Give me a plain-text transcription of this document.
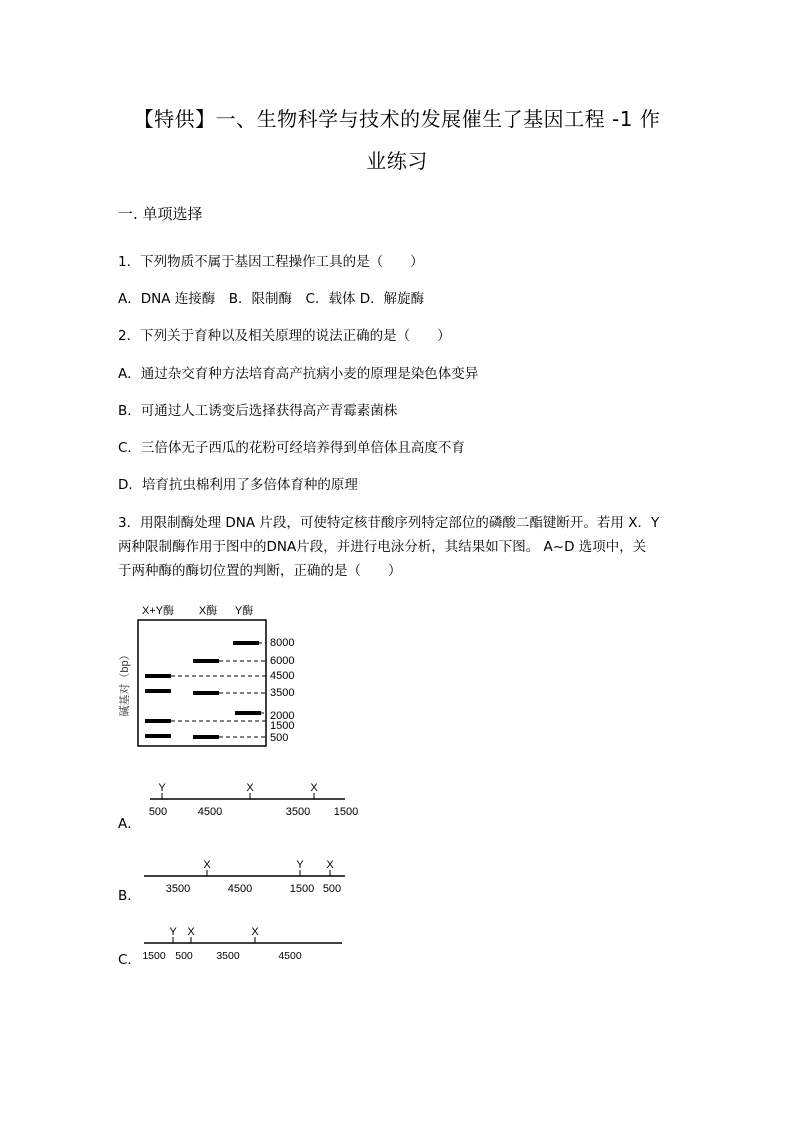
【特供】一、生物科学与技术的发展催生了基因工程 -1 作
业练习
一. 单项选择
1．下列物质不属于基因工程操作工具的是（　　）
A．DNA 连接酶　B．限制酶　C．载体 D．解旋酶
2．下列关于育种以及相关原理的说法正确的是（　　）
A．通过杂交育种方法培育高产抗病小麦的原理是染色体变异
B．可通过人工诱变后选择获得高产青霉素菌株
C．三倍体无子西瓜的花粉可经培养得到单倍体且高度不育
D．培育抗虫棉利用了多倍体育种的原理
3．用限制酶处理 DNA 片段，可使特定核苷酸序列特定部位的磷酸二酯键断开。若用 X．Y
两种限制酶作用于图中的DNA片段，并进行电泳分析，其结果如下图。 A~D 选项中，关
于两种酶的酶切位置的判断，正确的是（　　）
X+Y酶 X酶 Y酶
碱基对（bp）
8000
6000
4500
3500
2000
1500
500
A．
Y	X	X
500	4500	3500 1500
B．
X	Y X
3500	4500	1500 500
C．
Y X	X
1500 500 3500	4500
